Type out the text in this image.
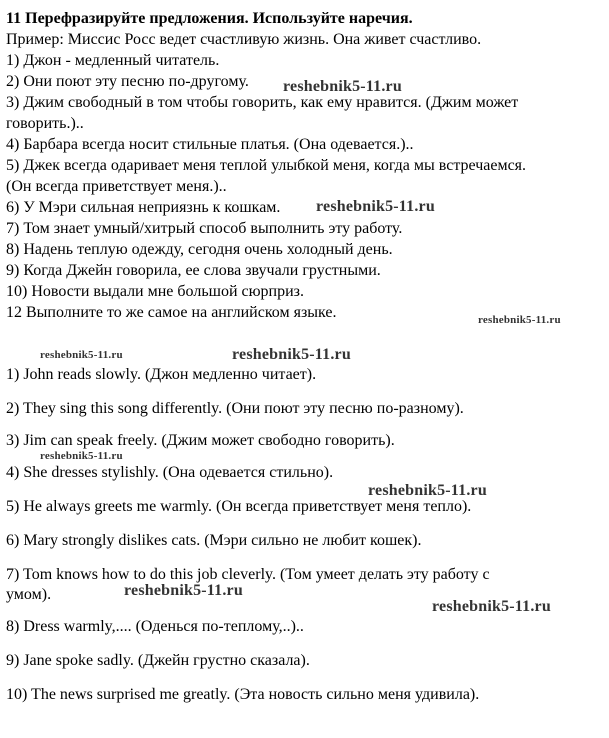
11 Перефразируйте предложения. Используйте наречия.
Пример: Миссис Росс ведет счастливую жизнь. Она живет счастливо.
1) Джон - медленный читатель.
2) Они поют эту песню по-другому.
3) Джим свободный в том чтобы говорить, как ему нравится. (Джим может
говорить.)..
4) Барбара всегда носит стильные платья. (Она одевается.)..
5) Джек всегда одаривает меня теплой улыбкой меня, когда мы встречаемся.
(Он всегда приветствует меня.)..
6) У Мэри сильная неприязнь к кошкам.
7) Том знает умный/хитрый способ выполнить эту работу.
8) Надень теплую одежду, сегодня очень холодный день.
9) Когда Джейн говорила, ее слова звучали грустными.
10) Новости выдали мне большой сюрприз.
12 Выполните то же самое на английском языке.
1) John reads slowly. (Джон медленно читает).
2) They sing this song differently. (Они поют эту песню по-разному).
3) Jim can speak freely. (Джим может свободно говорить).
4) She dresses stylishly. (Она одевается стильно).
5) He always greets me warmly. (Он всегда приветствует меня тепло).
6) Mary strongly dislikes cats. (Мэри сильно не любит кошек).
7) Tom knows how to do this job cleverly. (Том умеет делать эту работу с
умом).
8) Dress warmly,.... (Оденься по-теплому,..)..
9) Jane spoke sadly. (Джейн грустно сказала).
10) The news surprised me greatly. (Эта новость сильно меня удивила).
reshebnik5-11.ru
reshebnik5-11.ru
reshebnik5-11.ru
reshebnik5-11.ru	reshebnik5-11.ru
reshebnik5-11.ru
reshebnik5-11.ru
reshebnik5-11.ru
reshebnik5-11.ru
